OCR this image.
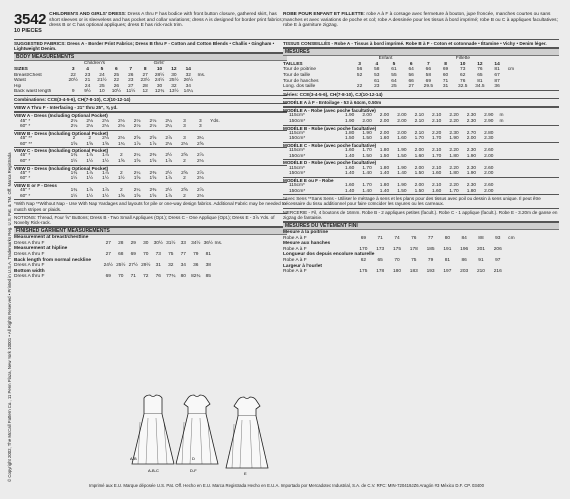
© Copyright 2002, The McCall Pattern Co., 11 Penn Plaza, New York 10001 • All Rights Reserved • Printed in U.S.A. Trademarks Reg. U.S. Pat. & TM. Off. Marca Registrada
3542
10 PIECES
CHILDREN'S AND GIRLS' DRESS: Dress A thru F has bodice with front button closure, gathered skirt, has short sleeves or is sleeveless and has pocket and collar variations; dress A is designed for border print fabrics; dress B or C has optional appliques; dress E has rick-rack trim.
SUGGESTED FABRICS: Dress A - Border Print Fabrics; Dress B thru F - Cotton and Cotton Blends • Challis • Gingham • Lightweight Denim.
BODY MEASUREMENTS
Children's	Girls'
SIZES	3	4	5	6	7	8	10	12	14
Breast/Chest	22	23	24	25	26	27	28½	30	32	Ins.
Waist	20½	21	21½	22	23	23½	24½	25½	26½
Hip	24	25	26	27	28	30	32	34
Back waist length	9	9½	10	10½	11½	12	12¾	13½	14¼
Combinations: CCE(3-4-5-6), CH(7-8-10), CJ(10-12-14)
VIEW A Thru F - Interfacing - 21" thru 25", ⅝ yd.
VIEW A - Dress (Including Optional Pocket)
45" *	2⅛	2⅛	2⅛	2⅛	2⅛	2⅛	2¼	3	3	Yds.
60" *	2⅛	2⅛	2⅛	2⅛	2⅛	2⅛	2¼	3	3
VIEW B - Dress (Including Optional Pocket)
45" **	2	2	2⅛	2⅛	2⅝	2⅝	2⅞	3	3¼
60" **	1⅝	1⅝	1⅝	1¾	1⅞	1⅞	2⅛	2⅛	2⅝
VIEW C - Dress (Including Optional Pocket)
45" *	1¾	1⅞	1⅞	2	2¼	2⅜	2½	2⅝	2⅞
60" *	1½	1½	1½	1⅝	1⅝	1⅝	1⅞	2	2⅛
VIEW D - Dress (Including Optional Pocket)
45" *	1¾	1⅞	1⅞	2	2¼	2⅜	2½	2⅝	2⅞
60" *	1½	1½	1½	1½	1⅝	1⅝	1⅞	2	2⅛
VIEW E or F - Dress
45" *	1¾	1⅞	1⅞	2	2¼	2⅜	2½	2⅝	2⅞
60" *	1½	1½	1½	1⅝	1⅝	1⅝	1⅞	2	2⅛
*With Nap **Without Nap - Use With Nap Yardages and layouts for pile or one-way design fabrics. Additional Fabric may be needed to match stripes or plaids.
NOTIONS: Thread, Four ⅝" Buttons; Dress B - Two Small Appliques (Opt.); Dress C - One Applique (Opt.); Dress E - 3⅞ Yds. of Novelty Rick-rack.
FINISHED GARMENT MEASUREMENTS
Measurement at breast/chestline
Dress A thru F	27	28	29	30	30½ 31½	33	34½ 36½ Ins.
Measurement at hipline
Dress A thru F	27	68	69	70	73	75	77	79	81
Back length from normal neckline
Dress A thru F	24½ 25½ 27½ 29½	31	32	34	36	38
Bottom width
Dress A thru F	69	70	71	72	76	77¾	80	82¾	85
ROBE POUR ENFANT ET FILLETTE: robe A à F à corsage avec fermeture à bouton, jupe froncée, manches courtes ou sans manches et avec variations de poche et col; robe A dessinée pour les tissus à bord imprimé; robe B ou C à appliques facultatives; robe E à garniture zigzag.
TISSUS CONSEILLÉS - Robe A - Tissus à bord imprimé. Robe B à F - Coton et cotonnade • Étamine • Vichy • Denim léger.
MESURES
Enfant	Fillette
TAILLES	3	4	5	6	7	8	10	12	14
Tour de poitrine	56	58	61	64	66	69	73	76	81	cm
Tour de taille	52	53	55	56	58	60	62	65	67
Tour de hanches	61	64	66	69	71	76	81	87
Long. dos taille	22	23	25	27	29.5	31	32.5	34.5	36
Séries: CCE(3-4-5-6), CH(7-8-10), CJ(10-12-14)
MODÈLE A à F - Entoilage - 53 à 64cm, 0.50m
MODÈLE A - Robe (avec poche facultative)
115cm*	1.90	2.00	2.00	2.00	2.10	2.10	2.20	2.30	2.90	m
150cm*	1.90	2.00	2.00	2.00	2.10	2.10	2.20	2.30	2.90	m
MODÈLE B - Robe (avec poche facultative)
115cm*	1.80	1.90	2.00	2.00	2.10	2.20	2.30	2.70	2.80
150cm*	1.50	1.50	1.60	1.60	1.70	1.70	1.90	2.00	2.30
MODÈLE C - Robe (avec poche facultative)
115cm*	1.60	1.70	1.80	1.90	2.00	2.10	2.20	2.30	2.60
150cm*	1.40	1.50	1.50	1.50	1.60	1.70	1.80	1.90	2.00
MODÈLE D - Robe (avec poche facultative)
115cm*	1.60	1.70	1.80	1.90	2.00	2.10	2.20	2.30	2.60
150cm*	1.40	1.40	1.40	1.40	1.50	1.60	1.80	1.90	2.00
MODÈLE E ou F - Robe
115cm*	1.60	1.70	1.80	1.90	2.00	2.10	2.20	2.30	2.60
150cm*	1.40	1.40	1.40	1.50	1.50	1.60	1.70	1.80	2.00
*Avec Sens **Sans Sens - Utiliser le métrage à sens et les plans pour des tissus avec poil ou dessin à sens unique. Il peut être nécessaire du tissu additionnel pour faire coïncider les rayures ou les carreaux.
MERCERIE - Fil, 4 boutons de 16mm. Robe B - 2 appliques petites (facult.). Robe C - 1 applique (facult.). Robe E - 3.20m de ganse en zigzag de fantaisie.
MESURES DU VÊTEMENT FINI
Mesure à la poitrine
Robe A à F	69	71	74	76	77	80	84	88	93	cm
Mesure aux hanches
Robe A à F	170	173	175	178	185	191	196	201	206
Longueur dos depuis encolure naturelle
Robe A à F	62	65	70	75	79	81	86	91	97
Largeur à l'ourlet
Robe A à F	175	178	180	183	193	197	203	210	216
A-B
A-B-C
D
D-F
E
Imprimé aux E.U. Marque déposée U.S. Pat. Off. Hecho en E.U. Marca Registrada Hecho en E.U.A. Importado por Mercadotec Industrial, S.A. de C.V. RFC: MIN-720419JZ6 Aragón #3 México D.F. CP. 03400
